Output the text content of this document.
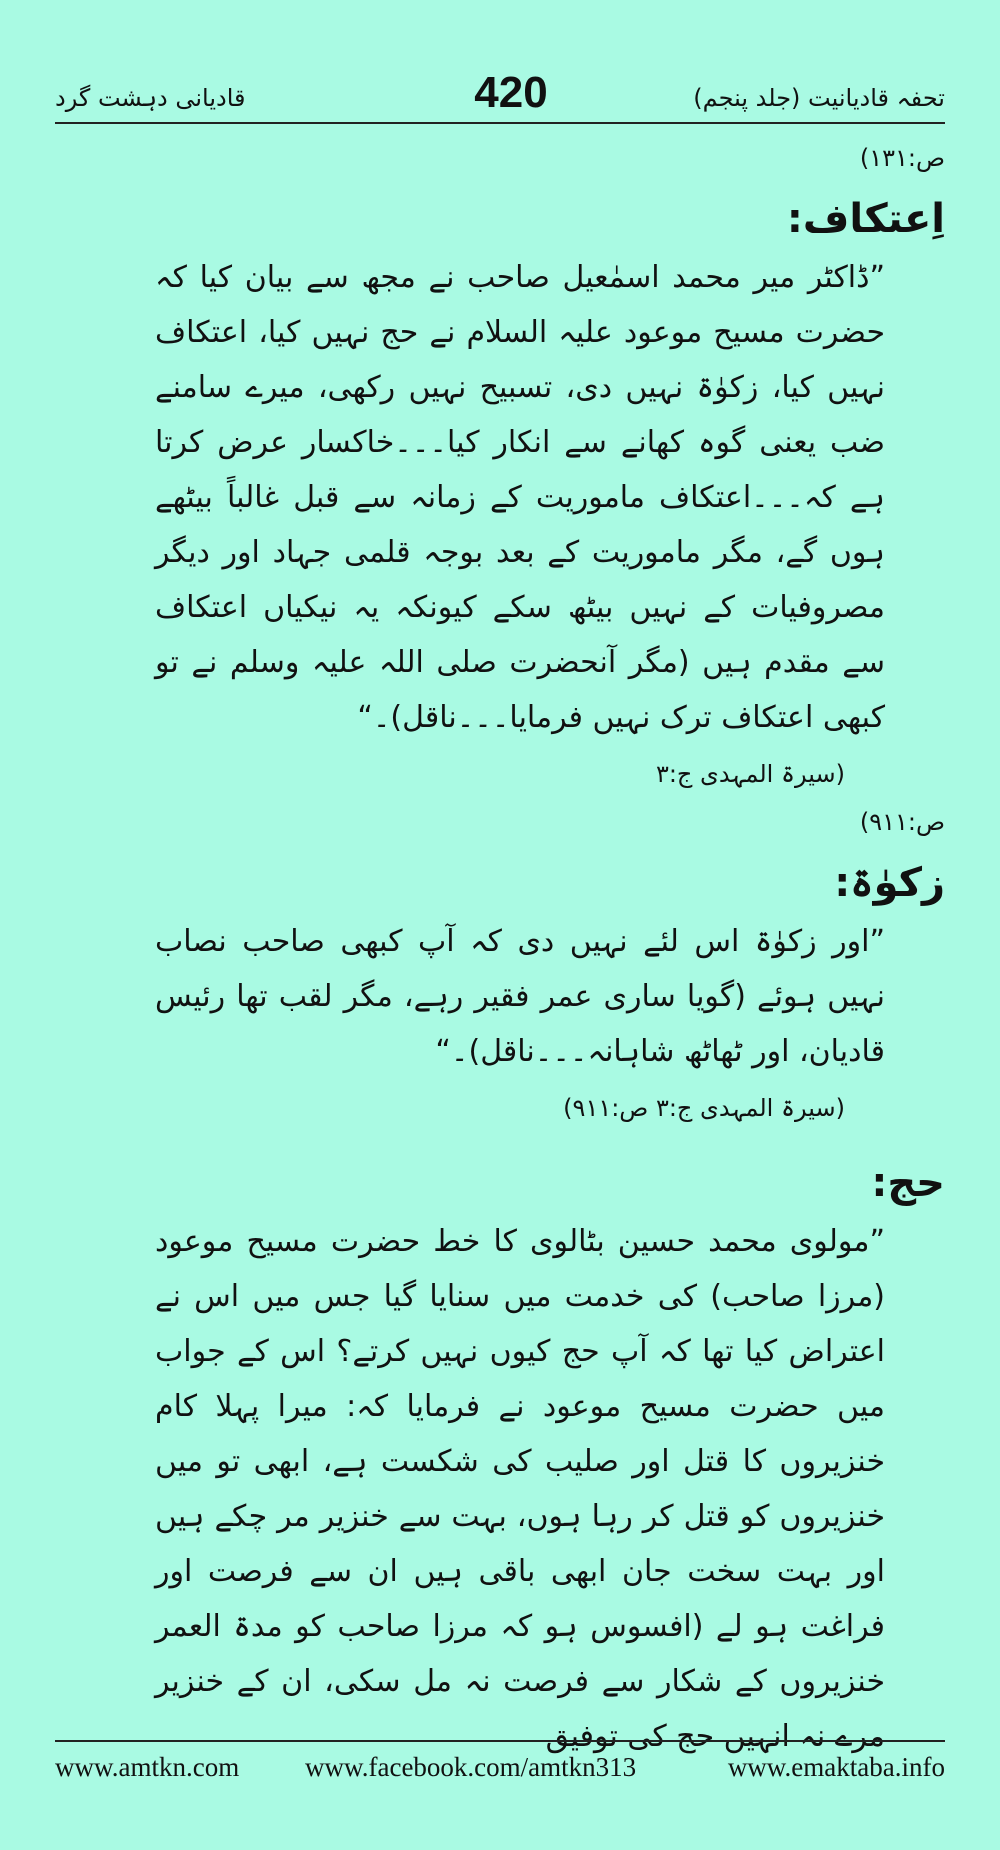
قادیانی دہشت گرد	420	تحفہ قادیانیت (جلد پنجم)
ص:۱۳۱)
اِعتکاف:

”ڈاکٹر میر محمد اسمٰعیل صاحب نے مجھ سے بیان کیا کہ حضرت مسیح موعود علیہ السلام نے حج نہیں کیا، اعتکاف نہیں کیا، زکوٰۃ نہیں دی، تسبیح نہیں رکھی، میرے سامنے ضب یعنی گوہ کھانے سے انکار کیا۔۔۔خاکسار عرض کرتا ہے کہ۔۔۔اعتکاف ماموریت کے زمانہ سے قبل غالباً بیٹھے ہوں گے، مگر ماموریت کے بعد بوجہ قلمی جہاد اور دیگر مصروفیات کے نہیں بیٹھ سکے کیونکہ یہ نیکیاں اعتکاف سے مقدم ہیں (مگر آنحضرت صلی اللہ علیہ وسلم نے تو کبھی اعتکاف ترک نہیں فرمایا۔۔۔ناقل)۔“

(سیرۃ المہدی ج:۳
ص:۹۱۱)
زکوٰۃ:

”اور زکوٰۃ اس لئے نہیں دی کہ آپ کبھی صاحب نصاب نہیں ہوئے (گویا ساری عمر فقیر رہے، مگر لقب تھا رئیس قادیان، اور ٹھاٹھ شاہانہ۔۔۔ناقل)۔“

(سیرۃ المہدی ج:۳ ص:۹۱۱)
حج:

”مولوی محمد حسین بٹالوی کا خط حضرت مسیح موعود (مرزا صاحب) کی خدمت میں سنایا گیا جس میں اس نے اعتراض کیا تھا کہ آپ حج کیوں نہیں کرتے؟ اس کے جواب میں حضرت مسیح موعود نے فرمایا کہ: میرا پہلا کام خنزیروں کا قتل اور صلیب کی شکست ہے، ابھی تو میں خنزیروں کو قتل کر رہا ہوں، بہت سے خنزیر مر چکے ہیں اور بہت سخت جان ابھی باقی ہیں ان سے فرصت اور فراغت ہو لے (افسوس ہو کہ مرزا صاحب کو مدۃ العمر خنزیروں کے شکار سے فرصت نہ مل سکی، ان کے خنزیر مرے نہ انہیں حج کی توفیق

www.amtkn.com www.facebook.com/amtkn313	www.emaktaba.info
